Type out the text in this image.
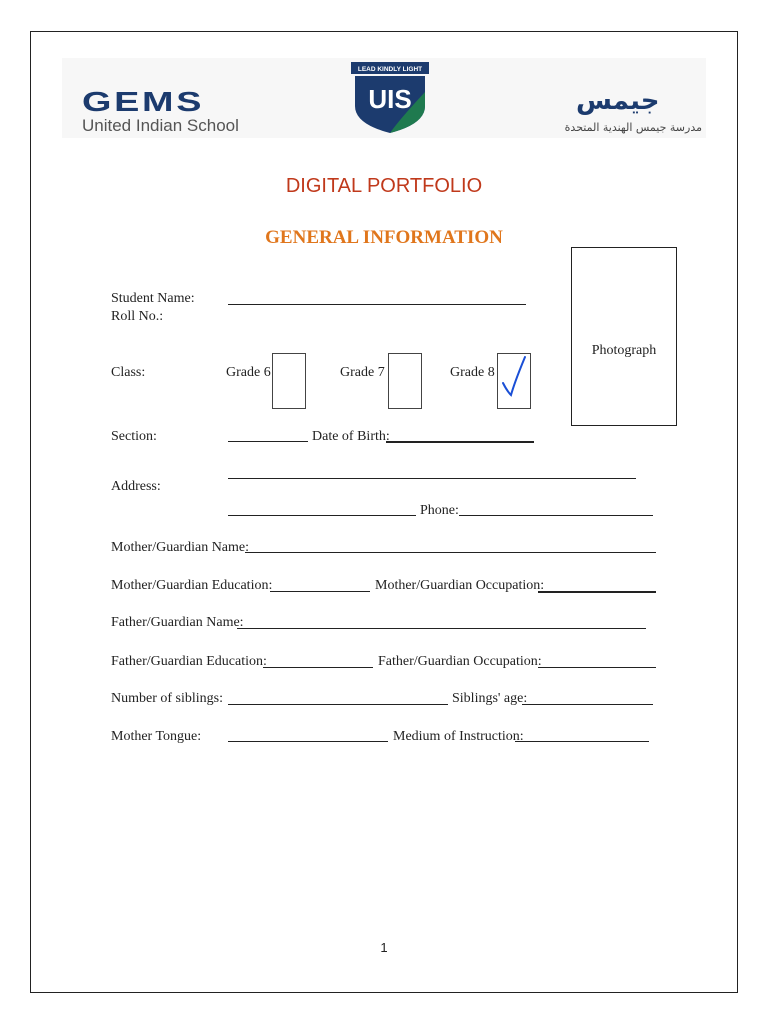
GEMS
United Indian School
LEAD KINDLY LIGHT
UIS	جيمس
مدرسة جيمس الهندية المتحدة
DIGITAL PORTFOLIO
GENERAL INFORMATION
Photograph
Student Name:
Roll No.:
Class:	Grade 6	Grade 7	Grade 8
Section:	Date of Birth:
Address:
Phone:
Mother/Guardian Name:
Mother/Guardian Education:	Mother/Guardian Occupation:
Father/Guardian Name:
Father/Guardian Education:	Father/Guardian Occupation:
Number of siblings:	Siblings' age:
Mother Tongue:	Medium of Instruction:
1
